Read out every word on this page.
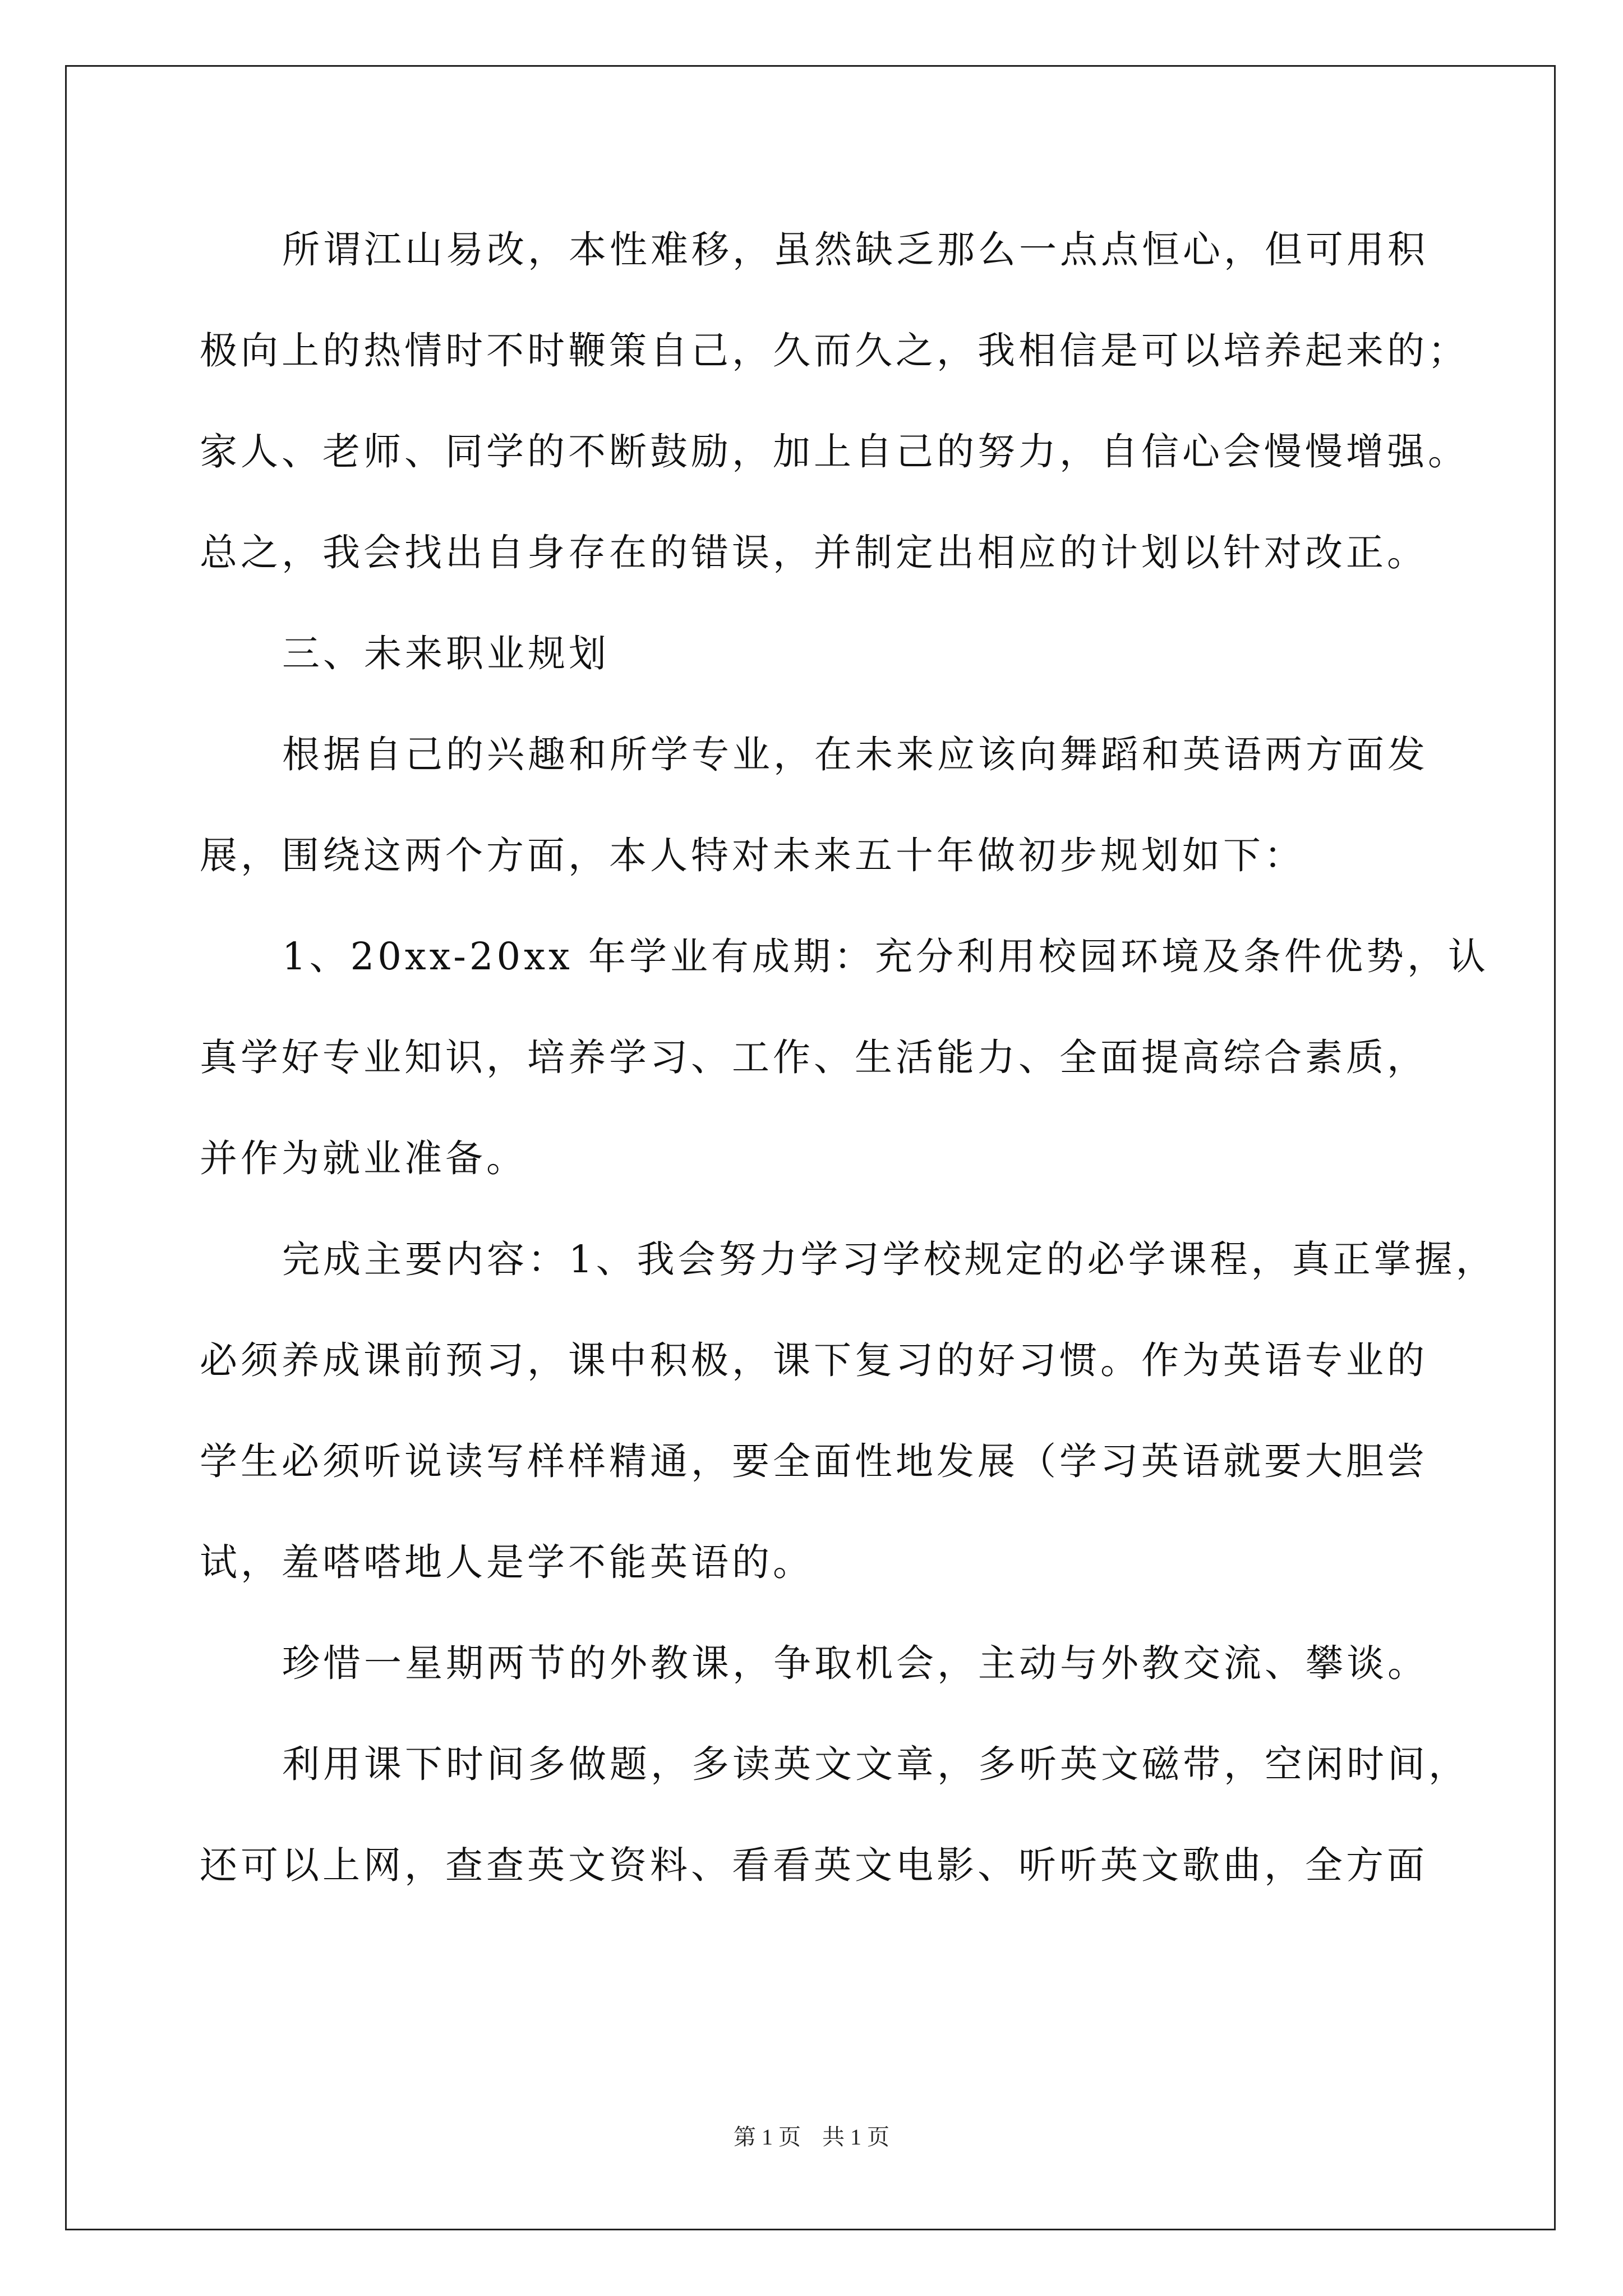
所谓江山易改，本性难移，虽然缺乏那么一点点恒心，但可用积
极向上的热情时不时鞭策自己，久而久之，我相信是可以培养起来的；
家人、老师、同学的不断鼓励，加上自己的努力，自信心会慢慢增强。
总之，我会找出自身存在的错误，并制定出相应的计划以针对改正。
三、未来职业规划
根据自己的兴趣和所学专业，在未来应该向舞蹈和英语两方面发
展，围绕这两个方面，本人特对未来五十年做初步规划如下：
1、20xx-20xx 年学业有成期：充分利用校园环境及条件优势，认
真学好专业知识，培养学习、工作、生活能力、全面提高综合素质，
并作为就业准备。
完成主要内容：1、我会努力学习学校规定的必学课程，真正掌握，
必须养成课前预习，课中积极，课下复习的好习惯。作为英语专业的
学生必须听说读写样样精通，要全面性地发展（学习英语就要大胆尝
试，羞嗒嗒地人是学不能英语的。
珍惜一星期两节的外教课，争取机会，主动与外教交流、攀谈。
利用课下时间多做题，多读英文文章，多听英文磁带，空闲时间，
还可以上网，查查英文资料、看看英文电影、听听英文歌曲，全方面
第 1 页 共 1 页
